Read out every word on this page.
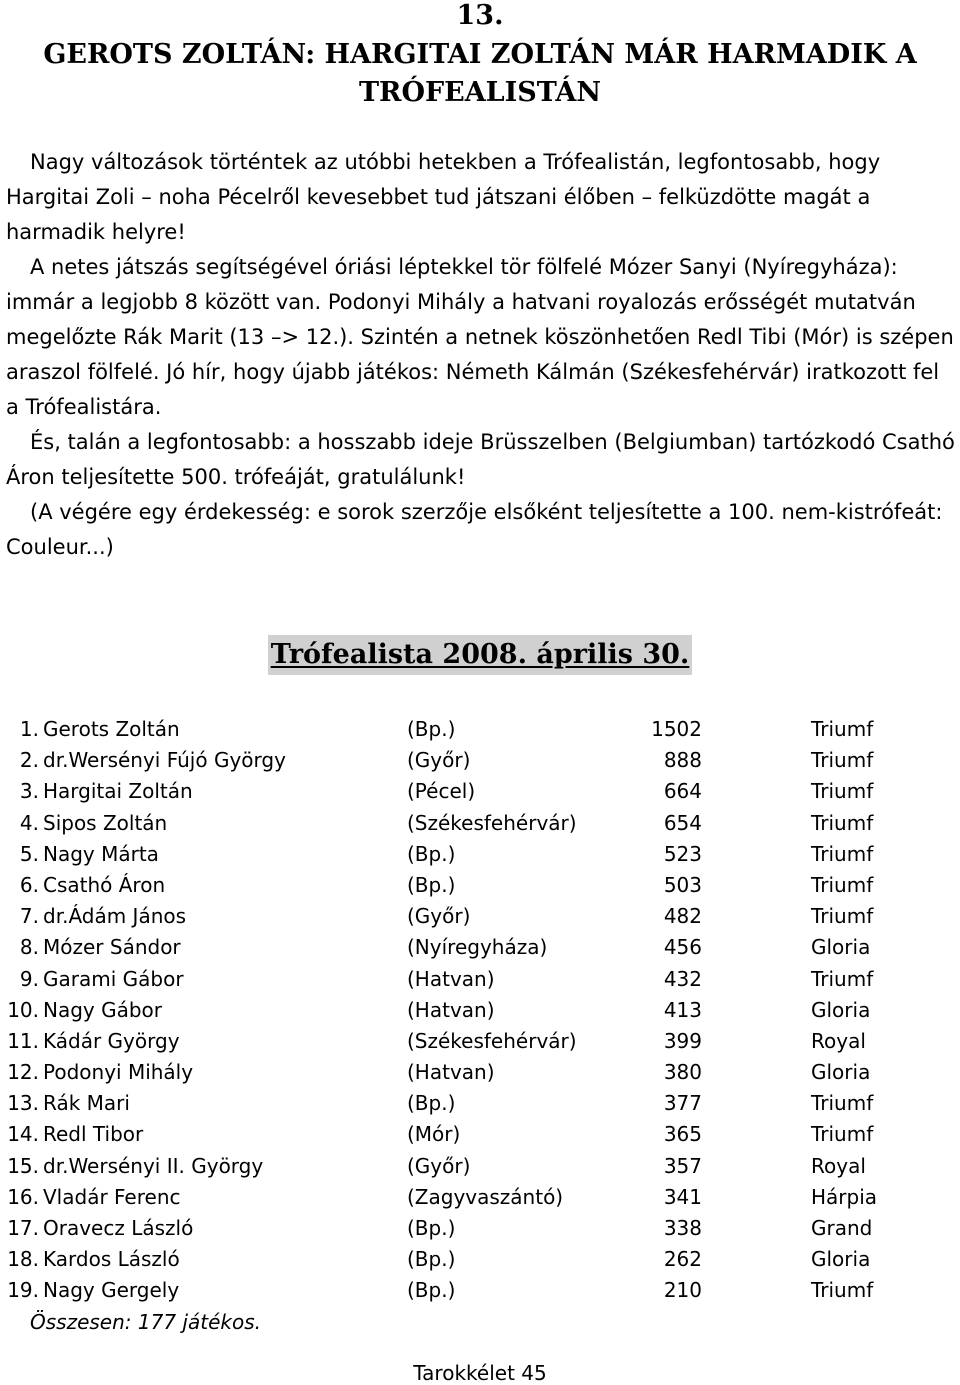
13.
GEROTS ZOLTÁN: HARGITAI ZOLTÁN MÁR HARMADIK A TRÓFEALISTÁN

Nagy változások történtek az utóbbi hetekben a Trófealistán, legfontosabb, hogy Hargitai Zoli – noha Pécelről kevesebbet tud játszani élőben – felküzdötte magát a harmadik helyre!

A netes játszás segítségével óriási léptekkel tör fölfelé Mózer Sanyi (Nyíregyháza): immár a legjobb 8 között van. Podonyi Mihály a hatvani royalozás erősségét mutatván megelőzte Rák Marit (13 –> 12.). Szintén a netnek köszönhetően Redl Tibi (Mór) is szépen araszol fölfelé. Jó hír, hogy újabb játékos: Németh Kálmán (Székesfehérvár) iratkozott fel a Trófealistára.

És, talán a legfontosabb: a hosszabb ideje Brüsszelben (Belgiumban) tartózkodó Csathó Áron teljesítette 500. trófeáját, gratulálunk!

(A végére egy érdekesség: e sorok szerzője elsőként teljesítette a 100. nem-kistrófeát: Couleur...)

Trófealista 2008. április 30.
1. Gerots Zoltán	(Bp.)	1502	Triumf
2. dr.Wersényi Fújó György	(Győr)	888	Triumf
3. Hargitai Zoltán	(Pécel)	664	Triumf
4. Sipos Zoltán	(Székesfehérvár)	654	Triumf
5. Nagy Márta	(Bp.)	523	Triumf
6. Csathó Áron	(Bp.)	503	Triumf
7. dr.Ádám János	(Győr)	482	Triumf
8. Mózer Sándor	(Nyíregyháza)	456	Gloria
9. Garami Gábor	(Hatvan)	432	Triumf
10. Nagy Gábor	(Hatvan)	413	Gloria
11. Kádár György	(Székesfehérvár)	399	Royal
12. Podonyi Mihály	(Hatvan)	380	Gloria
13. Rák Mari	(Bp.)	377	Triumf
14. Redl Tibor	(Mór)	365	Triumf
15. dr.Wersényi II. György	(Győr)	357	Royal
16. Vladár Ferenc	(Zagyvaszántó)	341	Hárpia
17. Oravecz László	(Bp.)	338	Grand
18. Kardos László	(Bp.)	262	Gloria
19. Nagy Gergely	(Bp.)	210	Triumf
Összesen: 177 játékos.
Tarokkélet 45
